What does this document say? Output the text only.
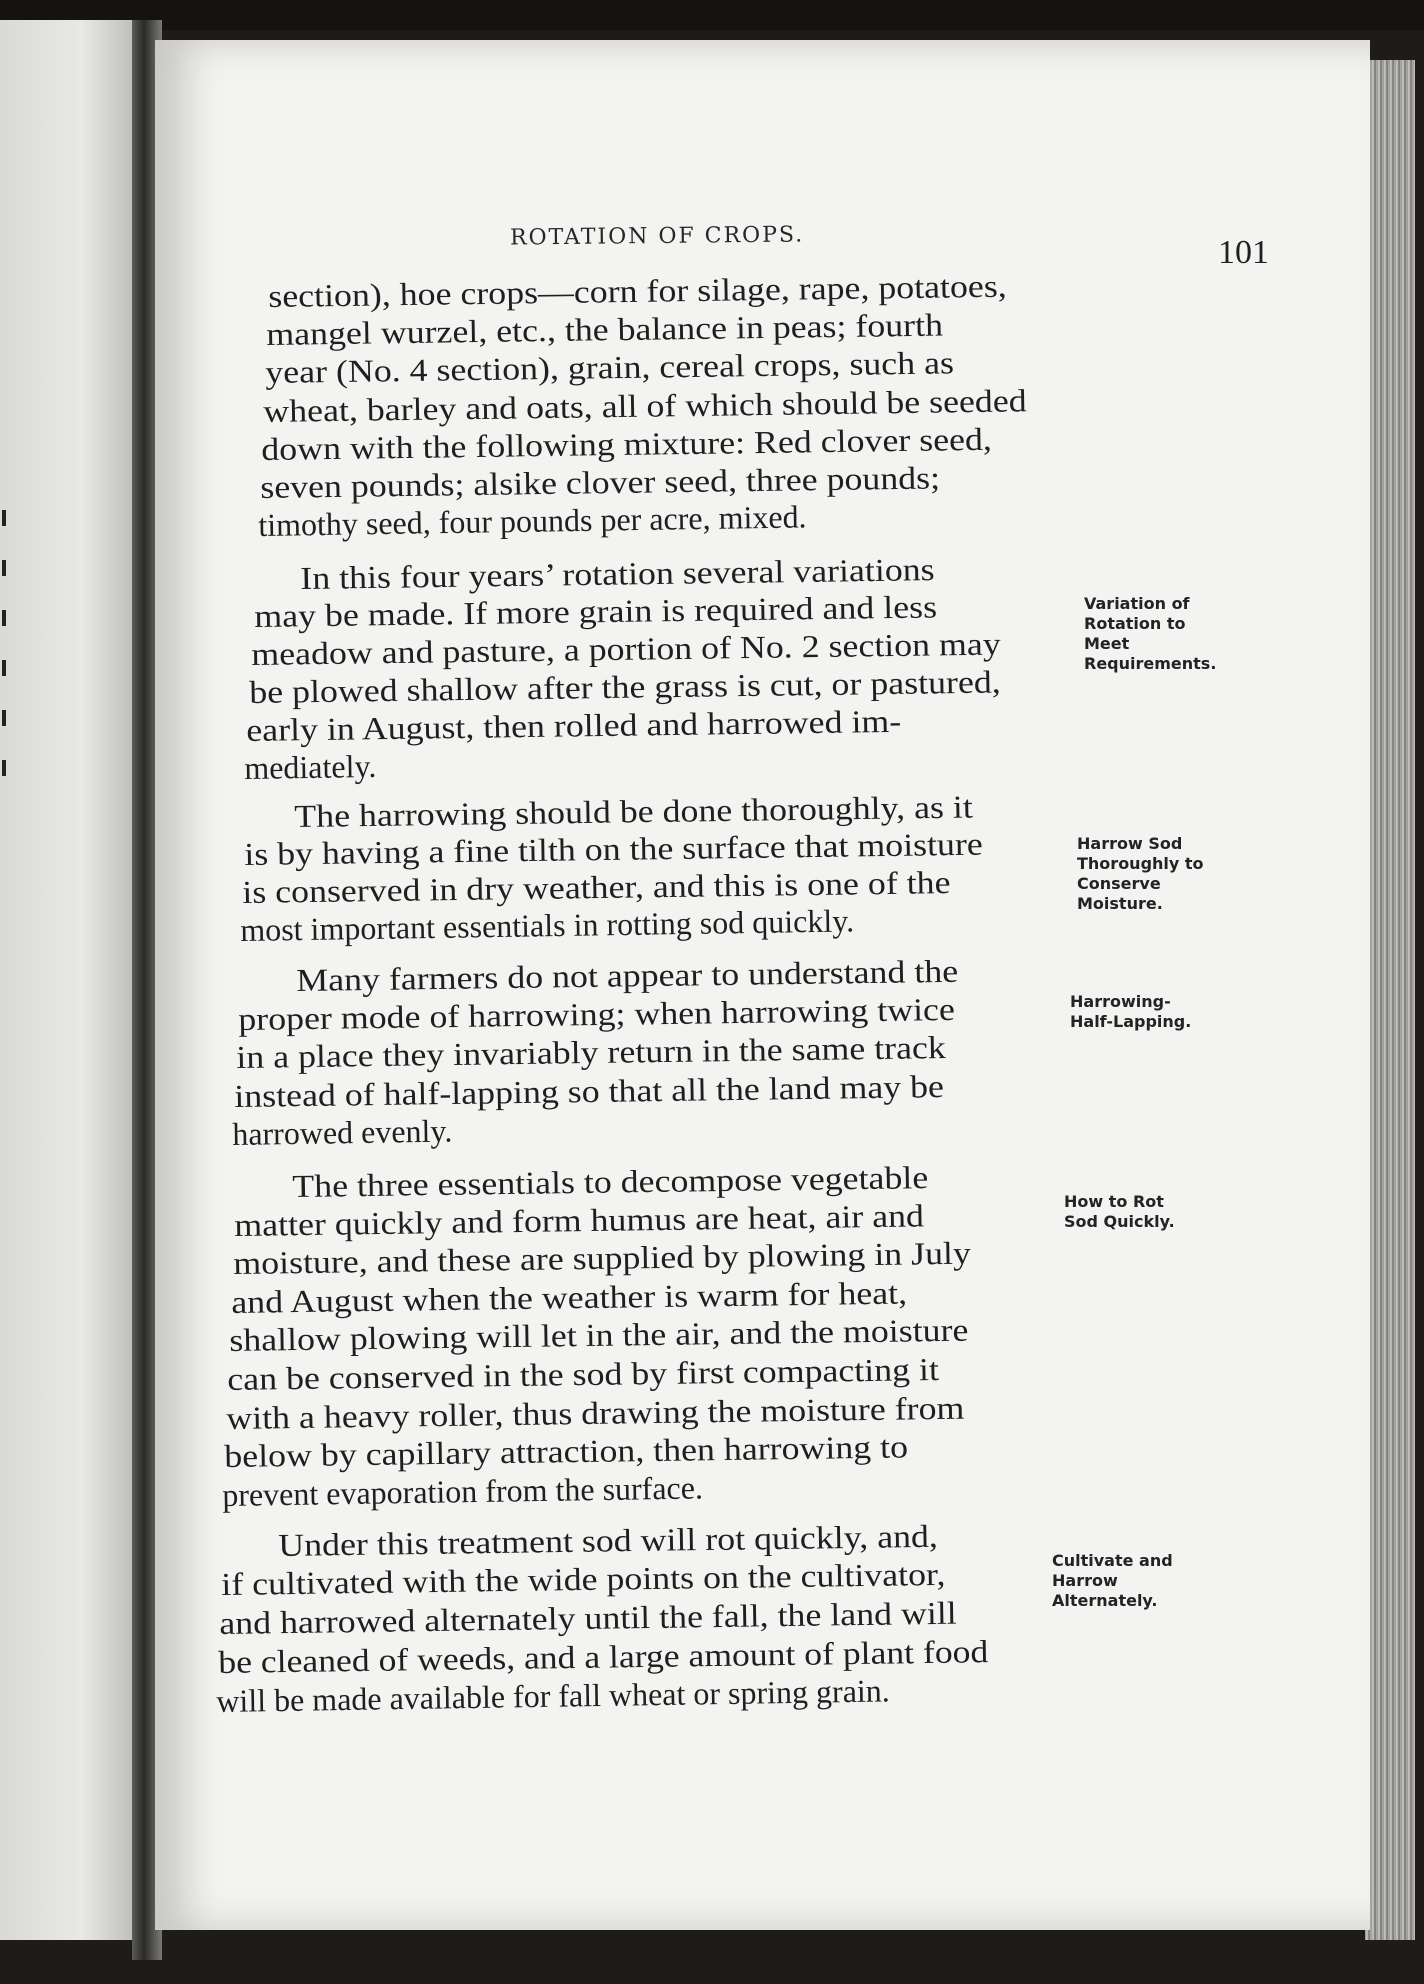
ROTATION OF CROPS.	101
section), hoe crops—corn for silage, rape, potatoes,
mangel wurzel, etc., the balance in peas; fourth
year (No. 4 section), grain, cereal crops, such as
wheat, barley and oats, all of which should be seeded
down with the following mixture: Red clover seed,
seven pounds; alsike clover seed, three pounds;
timothy seed, four pounds per acre, mixed.
In this four years’ rotation several variations
may be made. If more grain is required and less
meadow and pasture, a portion of No. 2 section may
be plowed shallow after the grass is cut, or pastured,
early in August, then rolled and harrowed im-
mediately.
The harrowing should be done thoroughly, as it
is by having a fine tilth on the surface that moisture
is conserved in dry weather, and this is one of the
most important essentials in rotting sod quickly.
Many farmers do not appear to understand the
proper mode of harrowing; when harrowing twice
in a place they invariably return in the same track
instead of half-lapping so that all the land may be
harrowed evenly.
The three essentials to decompose vegetable
matter quickly and form humus are heat, air and
moisture, and these are supplied by plowing in July
and August when the weather is warm for heat,
shallow plowing will let in the air, and the moisture
can be conserved in the sod by first compacting it
with a heavy roller, thus drawing the moisture from
below by capillary attraction, then harrowing to
prevent evaporation from the surface.
Under this treatment sod will rot quickly, and,
if cultivated with the wide points on the cultivator,
and harrowed alternately until the fall, the land will
be cleaned of weeds, and a large amount of plant food
will be made available for fall wheat or spring grain.
Variation of
Rotation to
Meet
Requirements.
Harrow Sod
Thoroughly to
Conserve
Moisture.
Harrowing-
Half-Lapping.
How to Rot
Sod Quickly.
Cultivate and
Harrow
Alternately.
